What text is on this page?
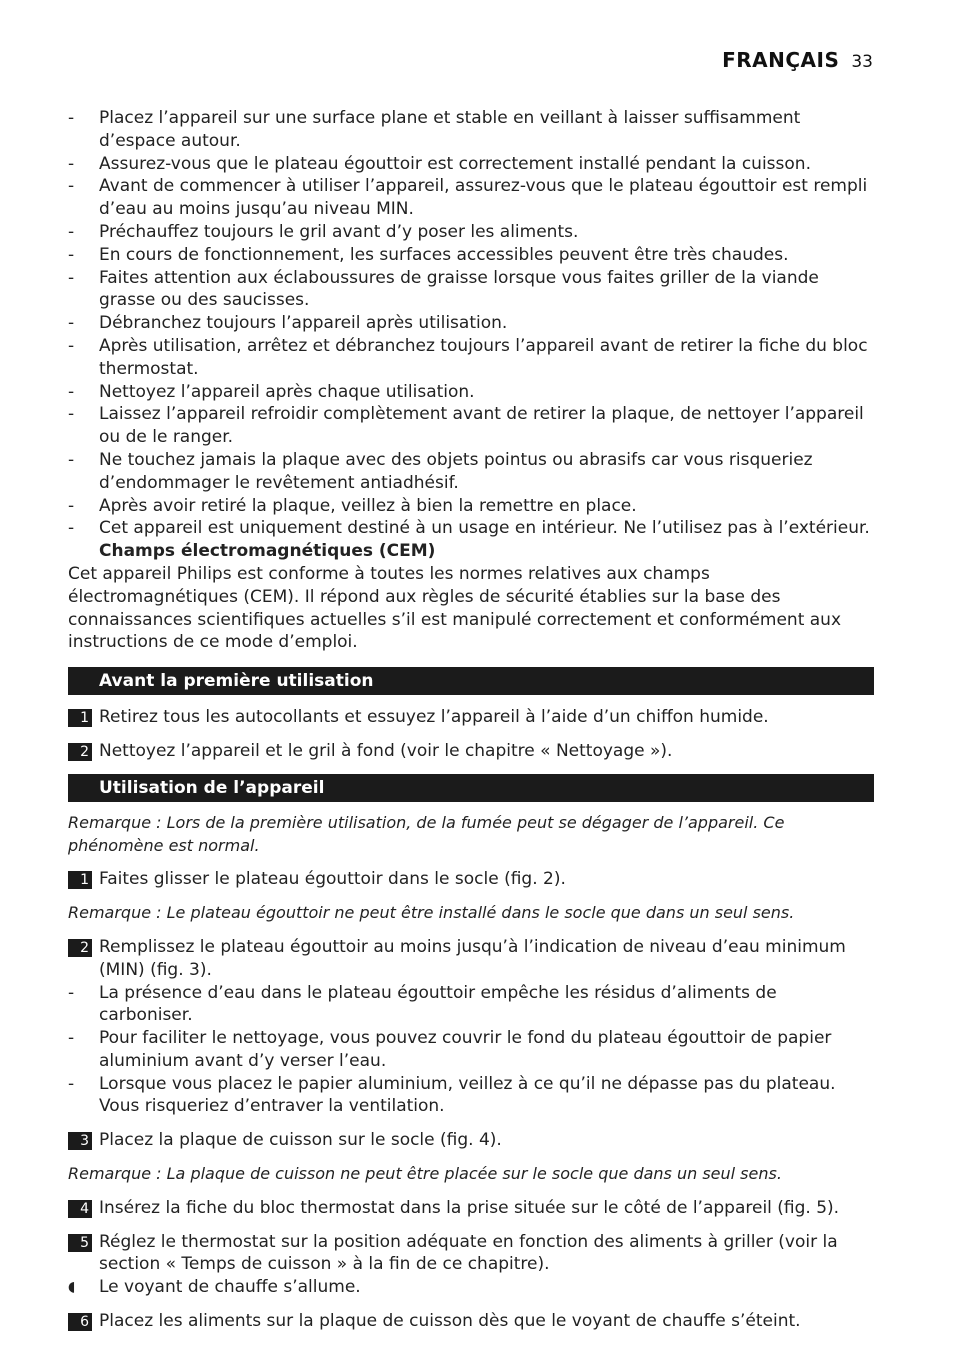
FRANÇAIS 33
- Placez l’appareil sur une surface plane et stable en veillant à laisser suffisamment d’espace autour.
- Assurez-vous que le plateau égouttoir est correctement installé pendant la cuisson.
- Avant de commencer à utiliser l’appareil, assurez-vous que le plateau égouttoir est rempli d’eau au moins jusqu’au niveau MIN.
- Préchauffez toujours le gril avant d’y poser les aliments.
- En cours de fonctionnement, les surfaces accessibles peuvent être très chaudes.
- Faites attention aux éclaboussures de graisse lorsque vous faites griller de la viande grasse ou des saucisses.
- Débranchez toujours l’appareil après utilisation.
- Après utilisation, arrêtez et débranchez toujours l’appareil avant de retirer la fiche du bloc thermostat.
- Nettoyez l’appareil après chaque utilisation.
- Laissez l’appareil refroidir complètement avant de retirer la plaque, de nettoyer l’appareil ou de le ranger.
- Ne touchez jamais la plaque avec des objets pointus ou abrasifs car vous risqueriez d’endommager le revêtement antiadhésif.
- Après avoir retiré la plaque, veillez à bien la remettre en place.
- Cet appareil est uniquement destiné à un usage en intérieur. Ne l’utilisez pas à l’extérieur.
Champs électromagnétiques (CEM)

Cet appareil Philips est conforme à toutes les normes relatives aux champs électromagnétiques (CEM). Il répond aux règles de sécurité établies sur la base des connaissances scientifiques actuelles s’il est manipulé correctement et conformément aux instructions de ce mode d’emploi.

Avant la première utilisation
1 Retirez tous les autocollants et essuyez l’appareil à l’aide d’un chiffon humide.
2 Nettoyez l’appareil et le gril à fond (voir le chapitre « Nettoyage »).
Utilisation de l’appareil
Remarque : Lors de la première utilisation, de la fumée peut se dégager de l’appareil. Ce phénomène est normal.
1 Faites glisser le plateau égouttoir dans le socle (fig. 2).
Remarque : Le plateau égouttoir ne peut être installé dans le socle que dans un seul sens.
2 Remplissez le plateau égouttoir au moins jusqu’à l’indication de niveau d’eau minimum (MIN) (fig. 3).
- La présence d’eau dans le plateau égouttoir empêche les résidus d’aliments de carboniser.
- Pour faciliter le nettoyage, vous pouvez couvrir le fond du plateau égouttoir de papier aluminium avant d’y verser l’eau.
- Lorsque vous placez le papier aluminium, veillez à ce qu’il ne dépasse pas du plateau. Vous risqueriez d’entraver la ventilation.
3 Placez la plaque de cuisson sur le socle (fig. 4).
Remarque : La plaque de cuisson ne peut être placée sur le socle que dans un seul sens.
4 Insérez la fiche du bloc thermostat dans la prise située sur le côté de l’appareil (fig. 5).
5 Réglez le thermostat sur la position adéquate en fonction des aliments à griller (voir la section « Temps de cuisson » à la fin de ce chapitre).
◖ Le voyant de chauffe s’allume.
6 Placez les aliments sur la plaque de cuisson dès que le voyant de chauffe s’éteint.
